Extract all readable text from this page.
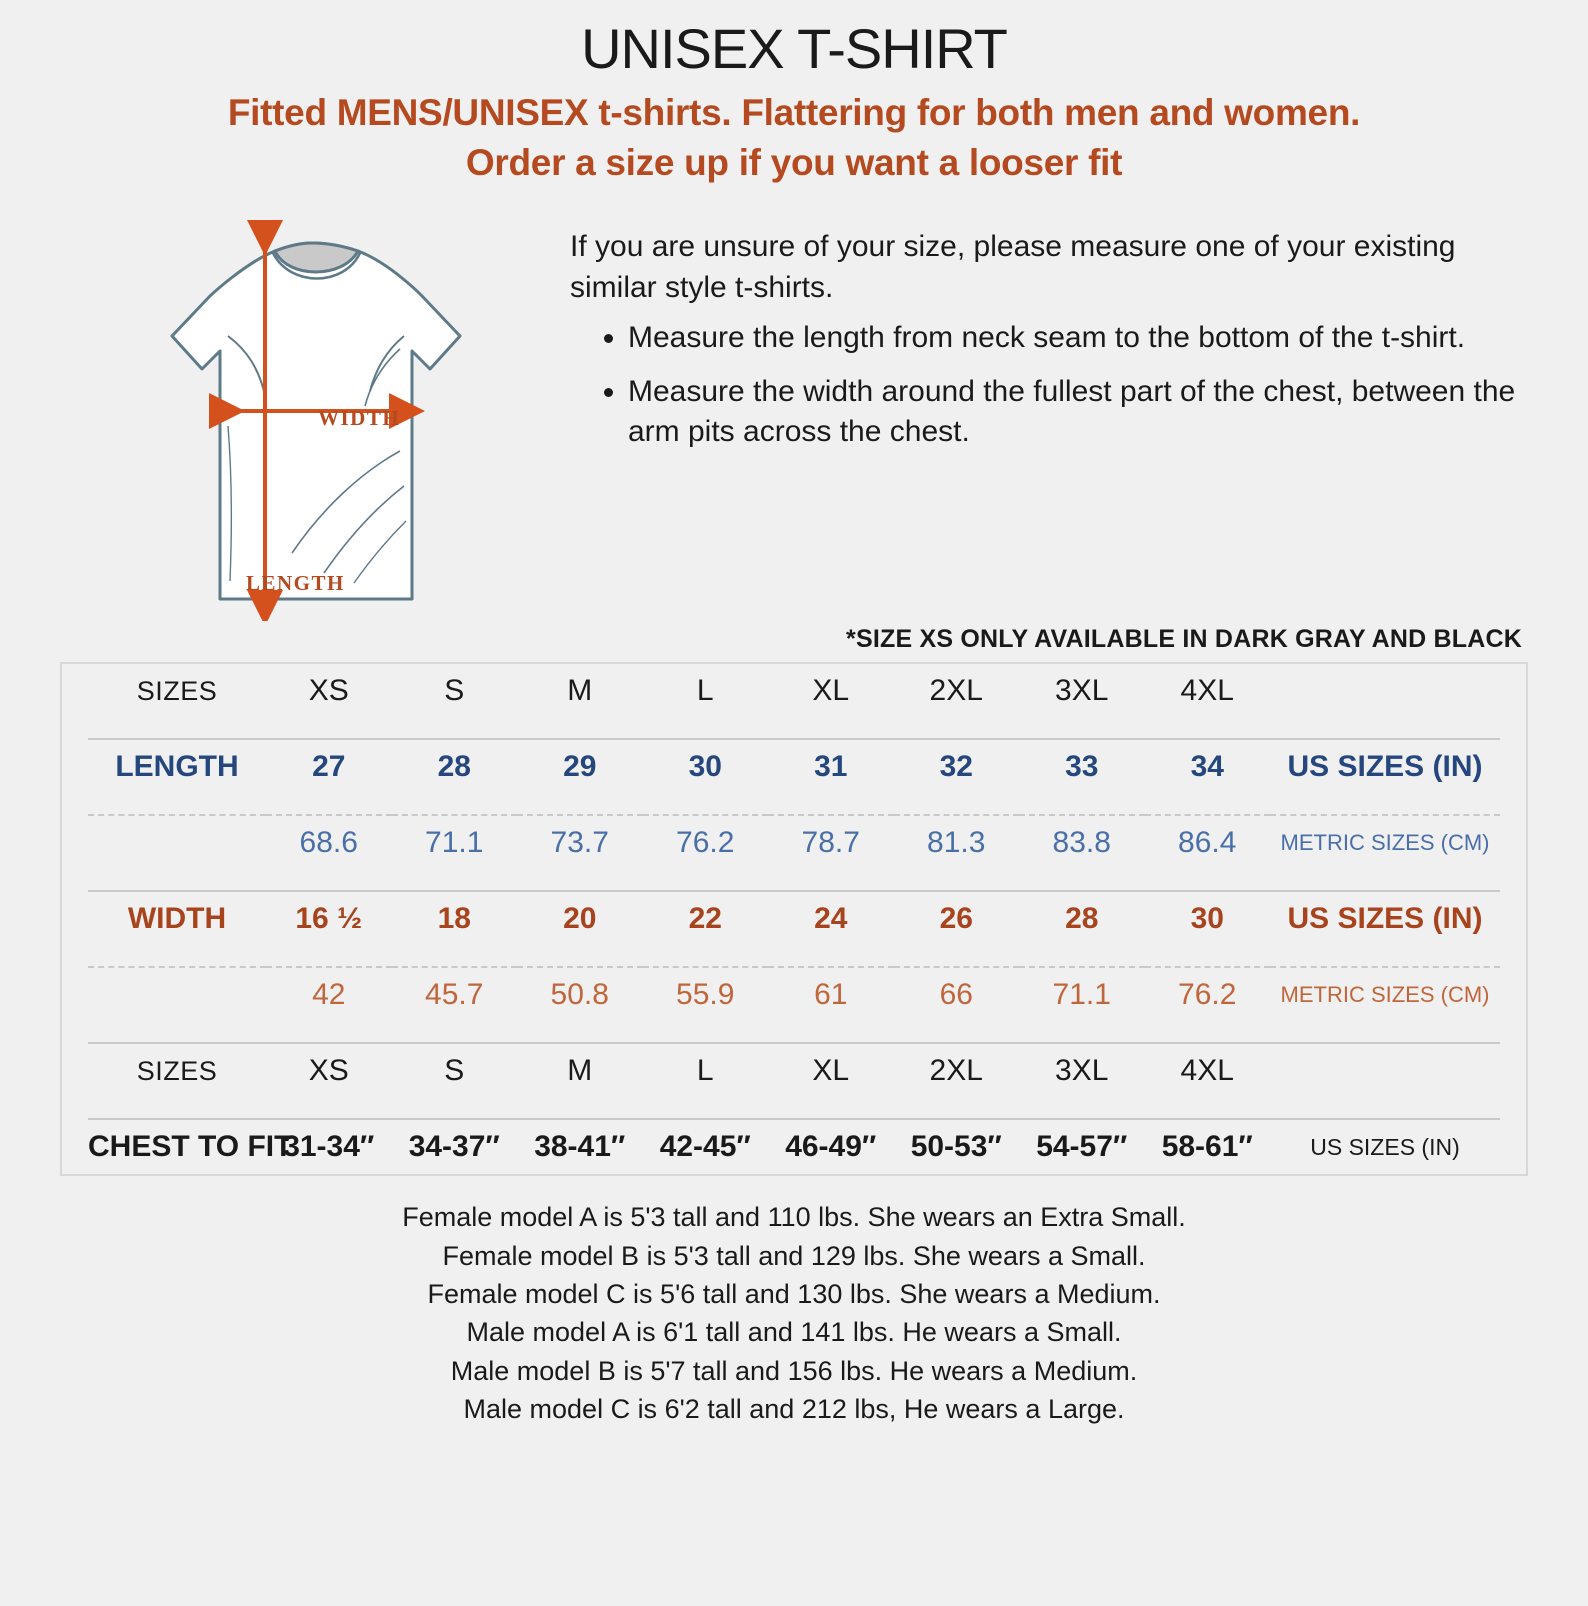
UNISEX T-SHIRT
Fitted MENS/UNISEX t-shirts. Flattering for both men and women.
Order a size up if you want a looser fit
WIDTH
LENGTH

If you are unsure of your size, please measure one of your existing similar style t-shirts.

• Measure the length from neck seam to the bottom of the t-shirt.
• Measure the width around the fullest part of the chest, between the arm pits across the chest.
*SIZE XS ONLY AVAILABLE IN DARK GRAY AND BLACK
SIZES	XS	S	M	L	XL	2XL	3XL	4XL	

LENGTH	27	28	29	30	31	32	33	34	US SIZES (IN)

	68.6	71.1	73.7	76.2	78.7	81.3	83.8	86.4	METRIC SIZES (CM)

WIDTH	16 ½	18	20	22	24	26	28	30	US SIZES (IN)

	42	45.7	50.8	55.9	61	66	71.1	76.2	METRIC SIZES (CM)

SIZES	XS	S	M	L	XL	2XL	3XL	4XL	

CHEST TO FIT	31-34″	34-37″	38-41″	42-45″	46-49″	50-53″	54-57″	58-61″	US SIZES (IN)
Female model A is 5'3 tall and 110 lbs. She wears an Extra Small.
Female model B is 5'3 tall and 129 lbs. She wears a Small.
Female model C is 5'6 tall and 130 lbs. She wears a Medium.
Male model A is 6'1 tall and 141 lbs. He wears a Small.
Male model B is 5'7 tall and 156 lbs. He wears a Medium.
Male model C is 6'2 tall and 212 lbs, He wears a Large.
